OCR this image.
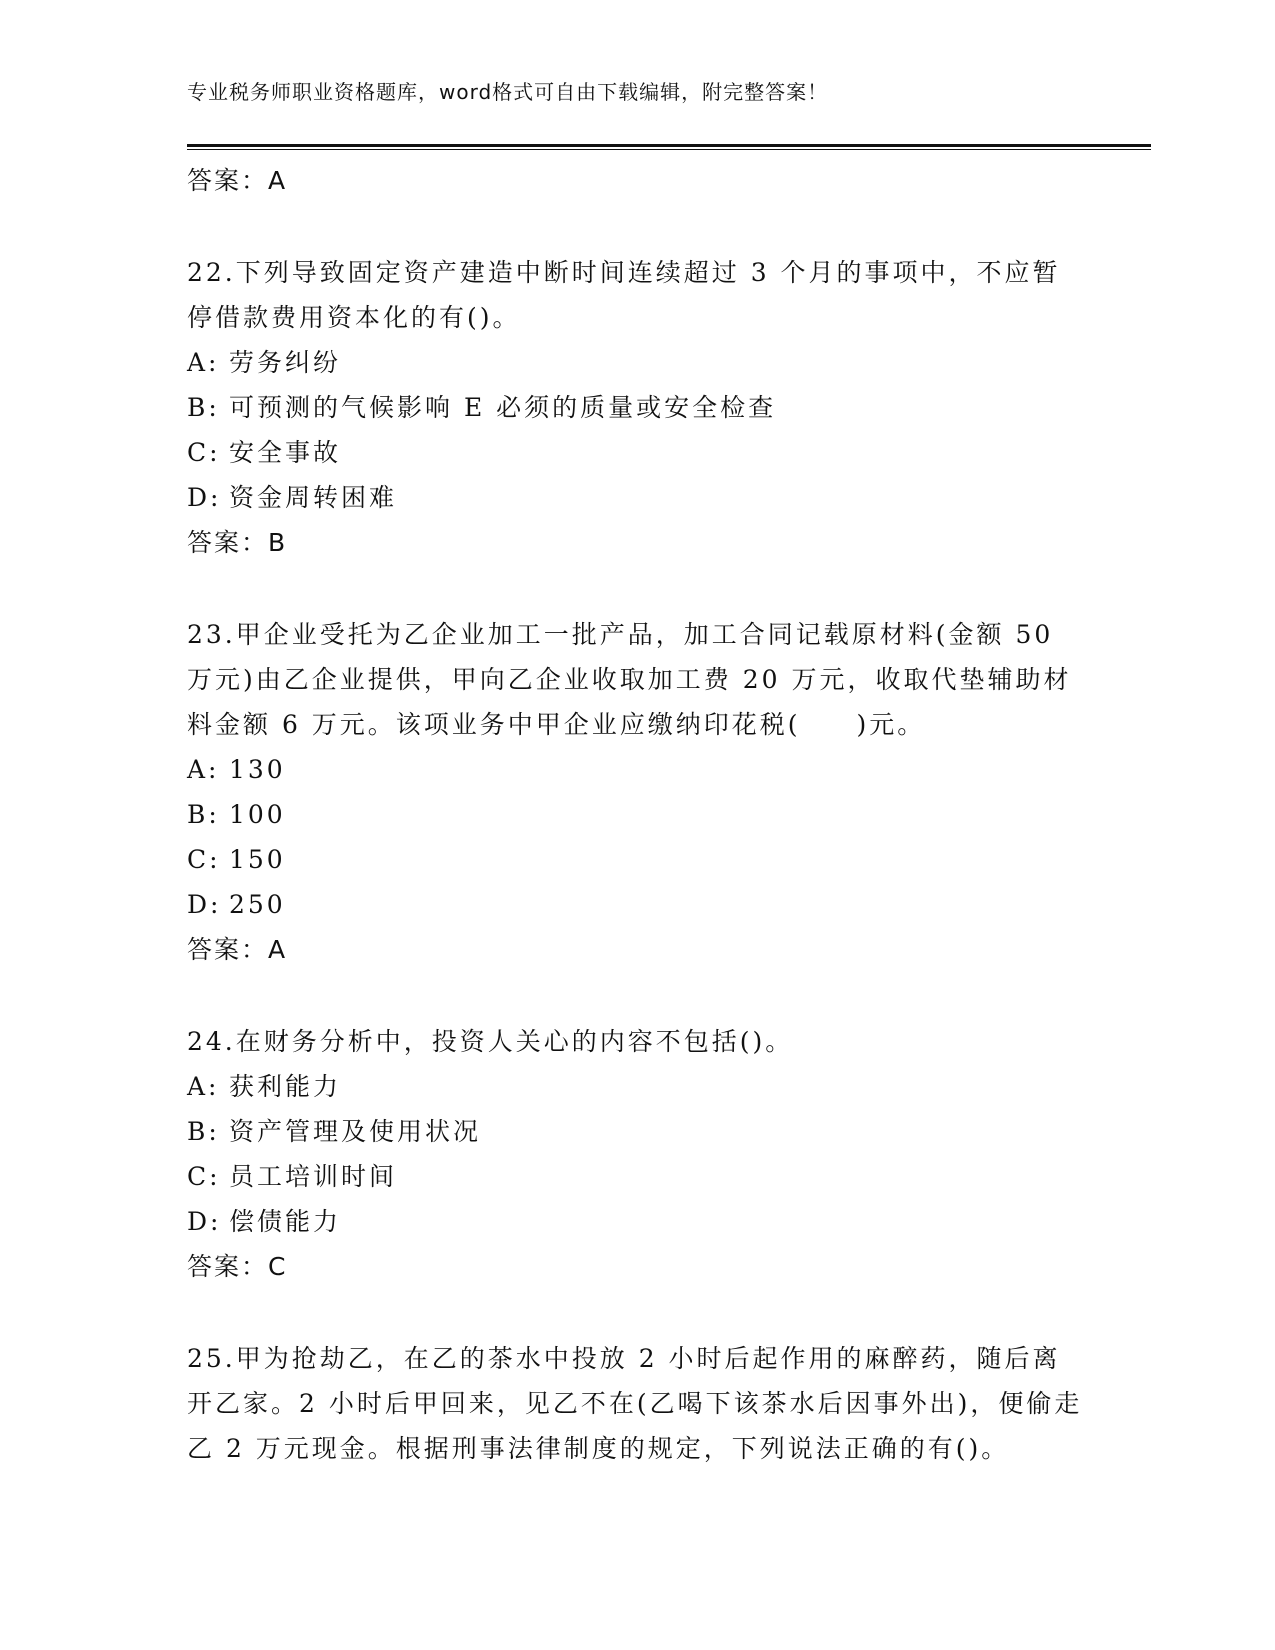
专业税务师职业资格题库，word格式可自由下载编辑，附完整答案！
答案：A

22.下列导致固定资产建造中断时间连续超过 3 个月的事项中，不应暂停借款费用资本化的有()。

A: 劳务纠纷
B: 可预测的气候影响 E 必须的质量或安全检查
C: 安全事故
D: 资金周转困难
答案：B

23.甲企业受托为乙企业加工一批产品，加工合同记载原材料(金额 50 万元)由乙企业提供，甲向乙企业收取加工费 20 万元，收取代垫辅助材料金额 6 万元。该项业务中甲企业应缴纳印花税(　　)元。

A: 130
B: 100
C: 150
D: 250
答案：A

24.在财务分析中，投资人关心的内容不包括()。

A: 获利能力
B: 资产管理及使用状况
C: 员工培训时间
D: 偿债能力
答案：C

25.甲为抢劫乙，在乙的茶水中投放 2 小时后起作用的麻醉药，随后离开乙家。2 小时后甲回来，见乙不在(乙喝下该茶水后因事外出)，便偷走乙 2 万元现金。根据刑事法律制度的规定，下列说法正确的有()。
